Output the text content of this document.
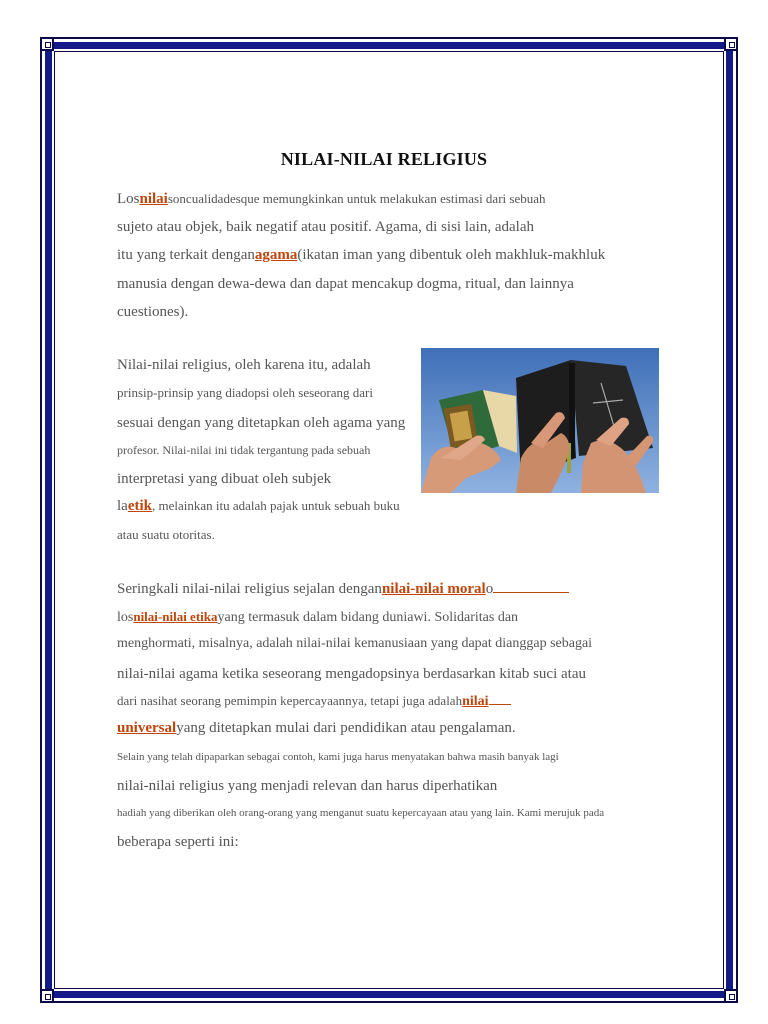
NILAI-NILAI RELIGIUS
Losnilaisoncualidadesque memungkinkan untuk melakukan estimasi dari sebuah
sujeto atau objek, baik negatif atau positif. Agama, di sisi lain, adalah
itu yang terkait denganagama(ikatan iman yang dibentuk oleh makhluk-makhluk
manusia dengan dewa-dewa dan dapat mencakup dogma, ritual, dan lainnya
cuestiones).
Nilai-nilai religius, oleh karena itu, adalah
prinsip-prinsip yang diadopsi oleh seseorang dari
sesuai dengan yang ditetapkan oleh agama yang
profesor. Nilai-nilai ini tidak tergantung pada sebuah
interpretasi yang dibuat oleh subjek
laetik, melainkan itu adalah pajak untuk sebuah buku
atau suatu otoritas.
Seringkali nilai-nilai religius sejalan dengannilai-nilai moralo
losnilai-nilai etikayang termasuk dalam bidang duniawi. Solidaritas dan
menghormati, misalnya, adalah nilai-nilai kemanusiaan yang dapat dianggap sebagai
nilai-nilai agama ketika seseorang mengadopsinya berdasarkan kitab suci atau
dari nasihat seorang pemimpin kepercayaannya, tetapi juga adalahnilai
universalyang ditetapkan mulai dari pendidikan atau pengalaman.
Selain yang telah dipaparkan sebagai contoh, kami juga harus menyatakan bahwa masih banyak lagi
nilai-nilai religius yang menjadi relevan dan harus diperhatikan
hadiah yang diberikan oleh orang-orang yang menganut suatu kepercayaan atau yang lain. Kami merujuk pada
beberapa seperti ini:
